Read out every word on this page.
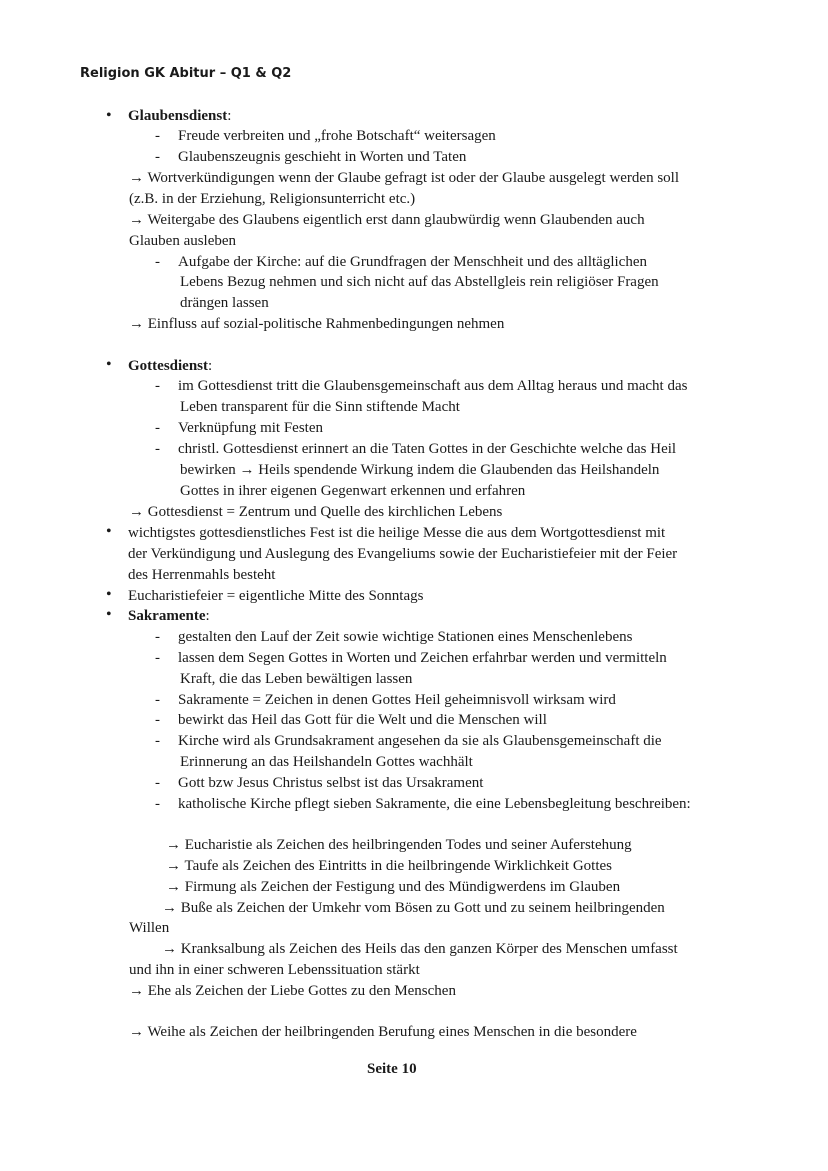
Religion GK Abitur – Q1 & Q2
• Glaubensdienst:
- Freude verbreiten und „frohe Botschaft“ weitersagen
- Glaubenszeugnis geschieht in Worten und Taten
→ Wortverkündigungen wenn der Glaube gefragt ist oder der Glaube ausgelegt werden soll
(z.B. in der Erziehung, Religionsunterricht etc.)
→ Weitergabe des Glaubens eigentlich erst dann glaubwürdig wenn Glaubenden auch
Glauben ausleben
- Aufgabe der Kirche: auf die Grundfragen der Menschheit und des alltäglichen
Lebens Bezug nehmen und sich nicht auf das Abstellgleis rein religiöser Fragen
drängen lassen
→ Einfluss auf sozial-politische Rahmenbedingungen nehmen
• Gottesdienst:
- im Gottesdienst tritt die Glaubensgemeinschaft aus dem Alltag heraus und macht das
Leben transparent für die Sinn stiftende Macht
- Verknüpfung mit Festen
- christl. Gottesdienst erinnert an die Taten Gottes in der Geschichte welche das Heil
bewirken → Heils spendende Wirkung indem die Glaubenden das Heilshandeln
Gottes in ihrer eigenen Gegenwart erkennen und erfahren
→ Gottesdienst = Zentrum und Quelle des kirchlichen Lebens
• wichtigstes gottesdienstliches Fest ist die heilige Messe die aus dem Wortgottesdienst mit
der Verkündigung und Auslegung des Evangeliums sowie der Eucharistiefeier mit der Feier
des Herrenmahls besteht
• Eucharistiefeier = eigentliche Mitte des Sonntags
• Sakramente:
- gestalten den Lauf der Zeit sowie wichtige Stationen eines Menschenlebens
- lassen dem Segen Gottes in Worten und Zeichen erfahrbar werden und vermitteln
Kraft, die das Leben bewältigen lassen
- Sakramente = Zeichen in denen Gottes Heil geheimnisvoll wirksam wird
- bewirkt das Heil das Gott für die Welt und die Menschen will
- Kirche wird als Grundsakrament angesehen da sie als Glaubensgemeinschaft die
Erinnerung an das Heilshandeln Gottes wachhält
- Gott bzw Jesus Christus selbst ist das Ursakrament
- katholische Kirche pflegt sieben Sakramente, die eine Lebensbegleitung beschreiben:
→ Eucharistie als Zeichen des heilbringenden Todes und seiner Auferstehung
→ Taufe als Zeichen des Eintritts in die heilbringende Wirklichkeit Gottes
→ Firmung als Zeichen der Festigung und des Mündigwerdens im Glauben
→ Buße als Zeichen der Umkehr vom Bösen zu Gott und zu seinem heilbringenden
Willen
→ Kranksalbung als Zeichen des Heils das den ganzen Körper des Menschen umfasst
und ihn in einer schweren Lebenssituation stärkt
→ Ehe als Zeichen der Liebe Gottes zu den Menschen
→ Weihe als Zeichen der heilbringenden Berufung eines Menschen in die besondere
Seite 10
